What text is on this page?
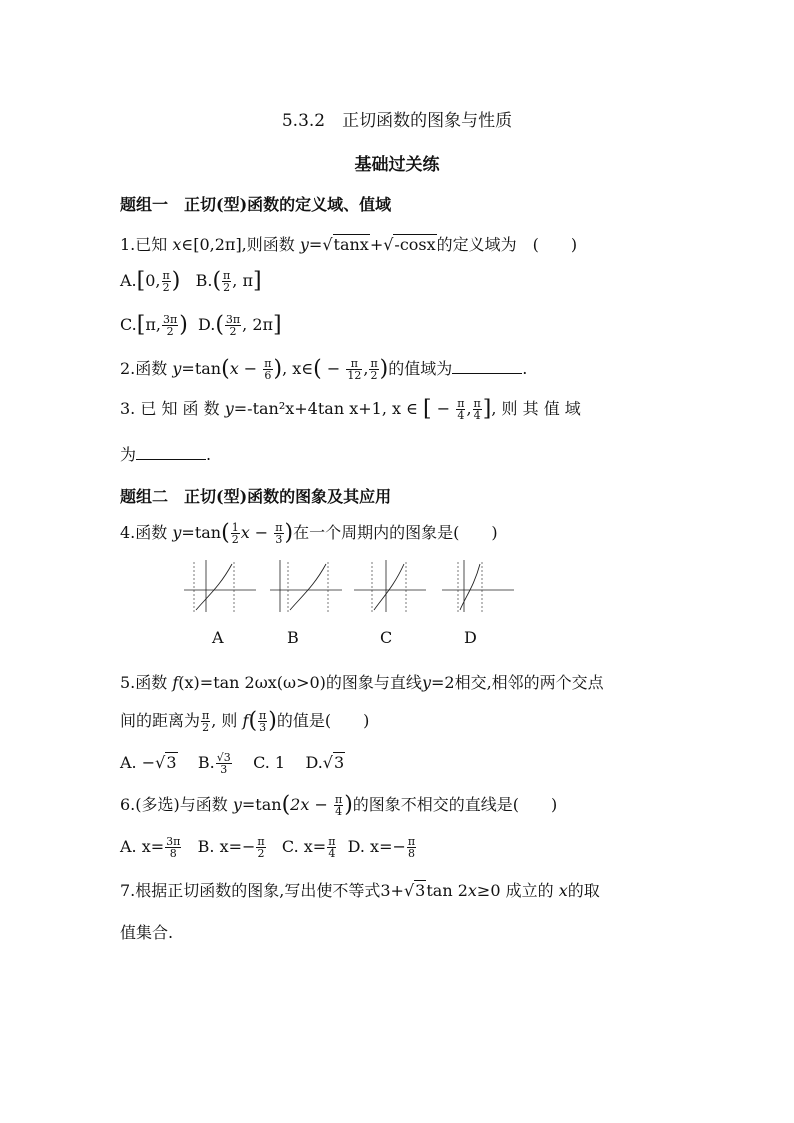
5.3.2　正切函数的图象与性质
基础过关练
题组一　正切(型)函数的定义域、值域
1.已知 x∈[0,2π],则函数 y=√tanx+√-cosx的定义域为　(　　)
A.[0, $\frac{\pi}{2}$ ) $B.( \frac{\pi}{2}$ , π]
C.[π, $\frac{3\pi}{2}$ ) $D.( \frac{3\pi}{2}$ , 2π]
2.函数 $y=\tan(x - \frac{\pi}{6}$ ), x∈( − $\frac{\pi}{12}$ , $\frac{\pi}{2}$ )的值域为	.
3. 已 知 函 数 y=-tan²x+4tan x+1, x ∈ [ − $\frac{\pi}{4}$ , $\frac{\pi}{4}$ ], 则 其 值 域
为	.
题组二　正切(型)函数的图象及其应用
4.函数 $y=\tan( \frac{1}{2}$ $x - \frac{\pi}{3}$ )在一个周期内的图象是(　　)
A	B	C	D
5.函数 f(x)=tan 2ωx(ω>0)的图象与直线y=2相交,相邻的两个交点
间的距离为 $\frac{\pi}{2}$ , 则 $f( \frac{\pi}{3}$ )的值是(　　)
A. −√3 B. $\frac{√3}{3} C$. 1 D.√3
6.(多选)与函数 $y=\tan(2x - \frac{\pi}{4}$ )的图象不相交的直线是(　　)
A. $x= \frac{3\pi}{8} B$. $x=- \frac{\pi}{2} C$. $x= \frac{\pi}{4} D$. $x=- \frac{\pi}{8}$
7.根据正切函数的图象,写出使不等式3+√3tan 2x≥0 成立的 x的取
值集合.
